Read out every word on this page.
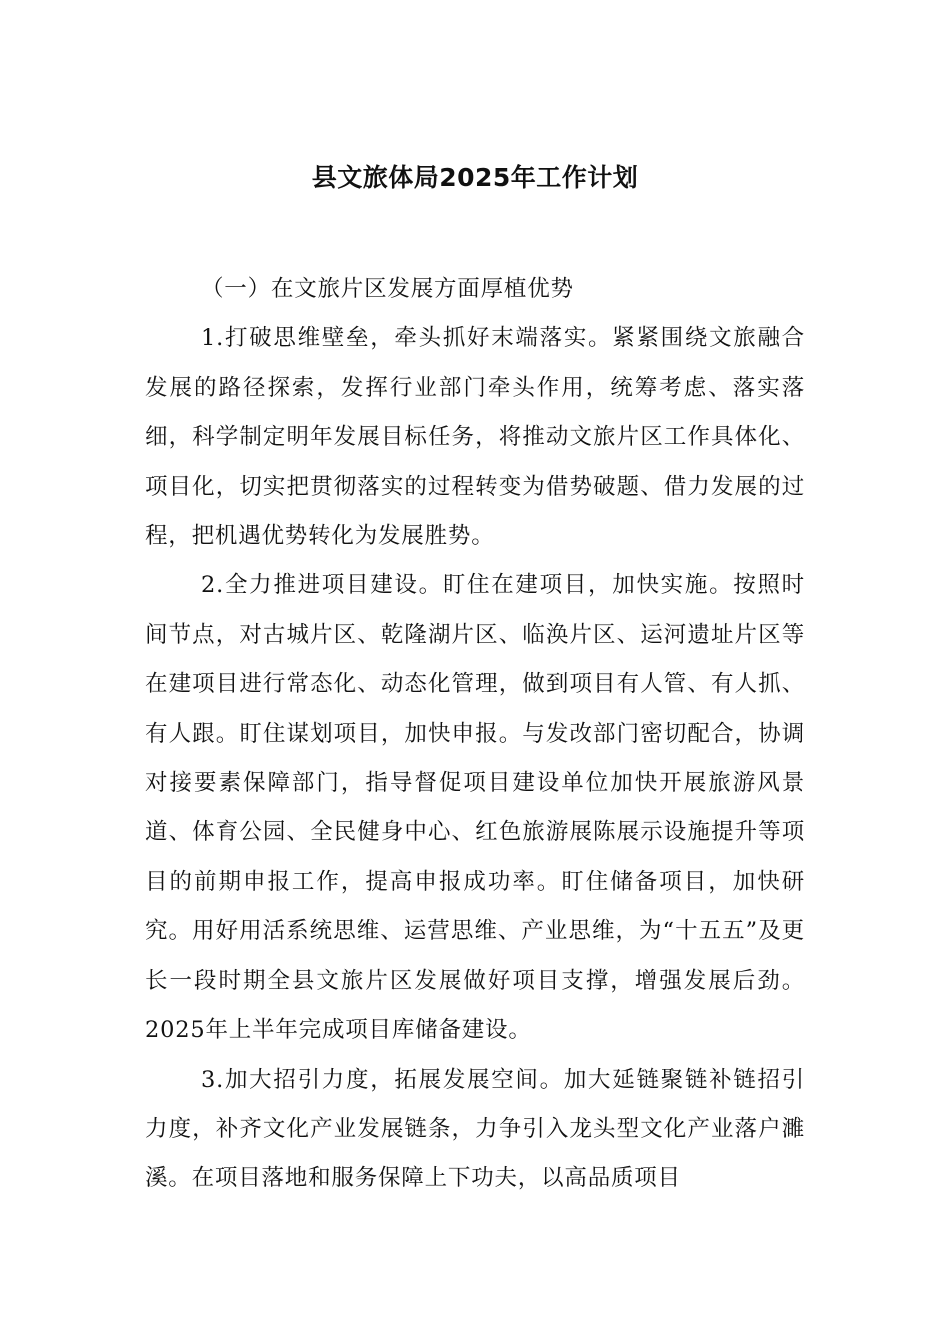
县文旅体局2025年工作计划

（一）在文旅片区发展方面厚植优势

1.打破思维壁垒，牵头抓好末端落实。紧紧围绕文旅融合发展的路径探索，发挥行业部门牵头作用，统筹考虑、落实落细，科学制定明年发展目标任务，将推动文旅片区工作具体化、项目化，切实把贯彻落实的过程转变为借势破题、借力发展的过程，把机遇优势转化为发展胜势。

2.全力推进项目建设。盯住在建项目，加快实施。按照时间节点，对古城片区、乾隆湖片区、临涣片区、运河遗址片区等在建项目进行常态化、动态化管理，做到项目有人管、有人抓、有人跟。盯住谋划项目，加快申报。与发改部门密切配合，协调对接要素保障部门，指导督促项目建设单位加快开展旅游风景道、体育公园、全民健身中心、红色旅游展陈展示设施提升等项目的前期申报工作，提高申报成功率。盯住储备项目，加快研究。用好用活系统思维、运营思维、产业思维，为“十五五”及更长一段时期全县文旅片区发展做好项目支撑，增强发展后劲。2025年上半年完成项目库储备建设。

3.加大招引力度，拓展发展空间。加大延链聚链补链招引力度，补齐文化产业发展链条，力争引入龙头型文化产业落户濉溪。在项目落地和服务保障上下功夫，以高品质项目
